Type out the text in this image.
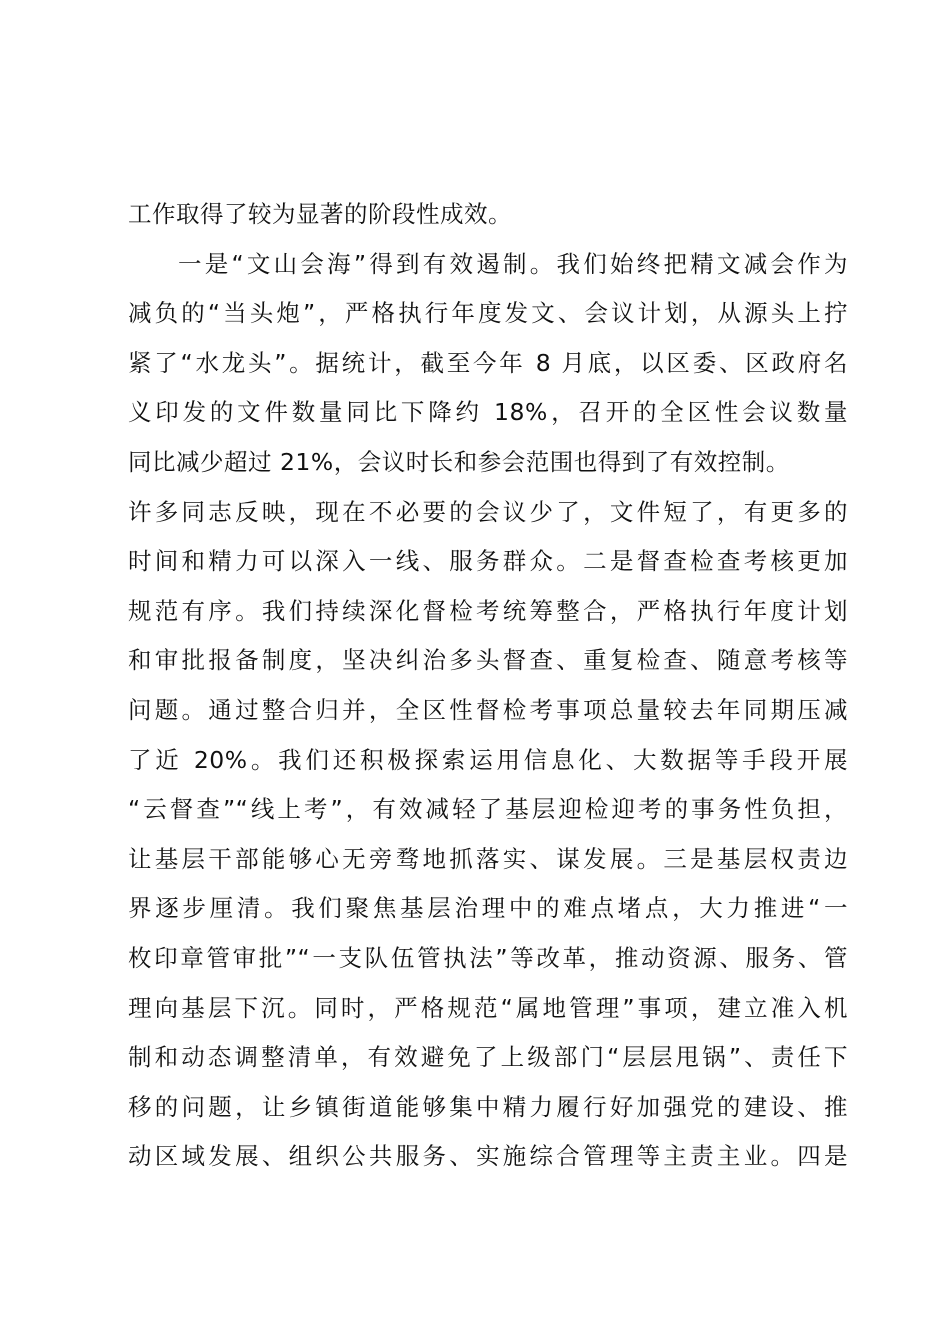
工作取得了较为显著的阶段性成效。
一是“文山会海”得到有效遏制。我们始终把精文减会作为
减负的“当头炮”，严格执行年度发文、会议计划，从源头上拧
紧了“水龙头”。据统计，截至今年 8 月底，以区委、区政府名
义印发的文件数量同比下降约 18%，召开的全区性会议数量
同比减少超过 21%，会议时长和参会范围也得到了有效控制。
许多同志反映，现在不必要的会议少了，文件短了，有更多的
时间和精力可以深入一线、服务群众。二是督查检查考核更加
规范有序。我们持续深化督检考统筹整合，严格执行年度计划
和审批报备制度，坚决纠治多头督查、重复检查、随意考核等
问题。通过整合归并，全区性督检考事项总量较去年同期压减
了近 20%。我们还积极探索运用信息化、大数据等手段开展
“云督查”“线上考”，有效减轻了基层迎检迎考的事务性负担，
让基层干部能够心无旁骛地抓落实、谋发展。三是基层权责边
界逐步厘清。我们聚焦基层治理中的难点堵点，大力推进“一
枚印章管审批”“一支队伍管执法”等改革，推动资源、服务、管
理向基层下沉。同时，严格规范“属地管理”事项，建立准入机
制和动态调整清单，有效避免了上级部门“层层甩锅”、责任下
移的问题，让乡镇街道能够集中精力履行好加强党的建设、推
动区域发展、组织公共服务、实施综合管理等主责主业。四是
